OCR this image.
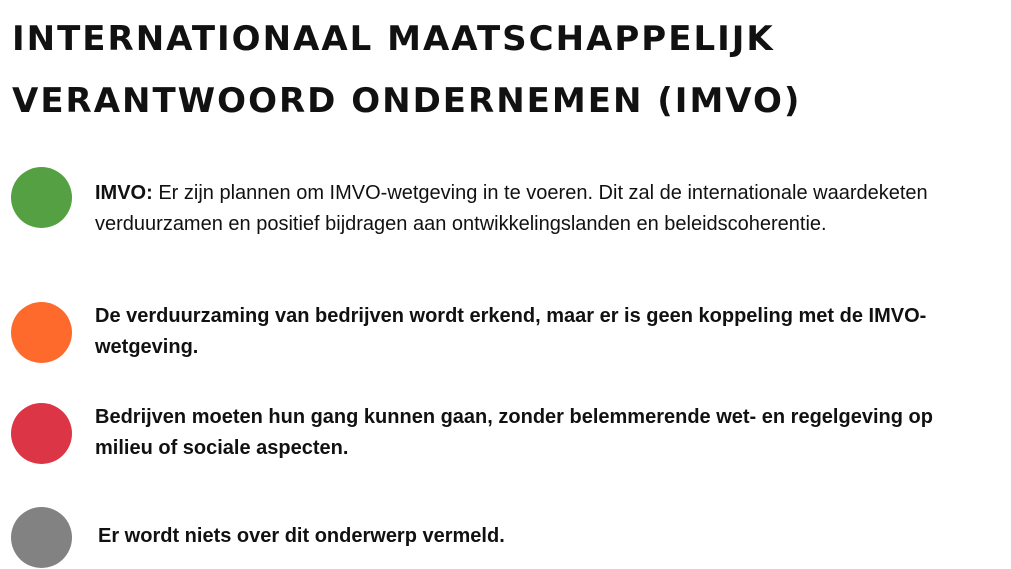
INTERNATIONAAL MAATSCHAPPELIJK
VERANTWOORD ONDERNEMEN (IMVO)
IMVO: Er zijn plannen om IMVO-wetgeving in te voeren. Dit zal de internationale waardeketen verduurzamen en positief bijdragen aan ontwikkelingslanden en beleidscoherentie.
De verduurzaming van bedrijven wordt erkend, maar er is geen koppeling met de IMVO-wetgeving.
Bedrijven moeten hun gang kunnen gaan, zonder belemmerende wet- en regelgeving op milieu of sociale aspecten.
Er wordt niets over dit onderwerp vermeld.
